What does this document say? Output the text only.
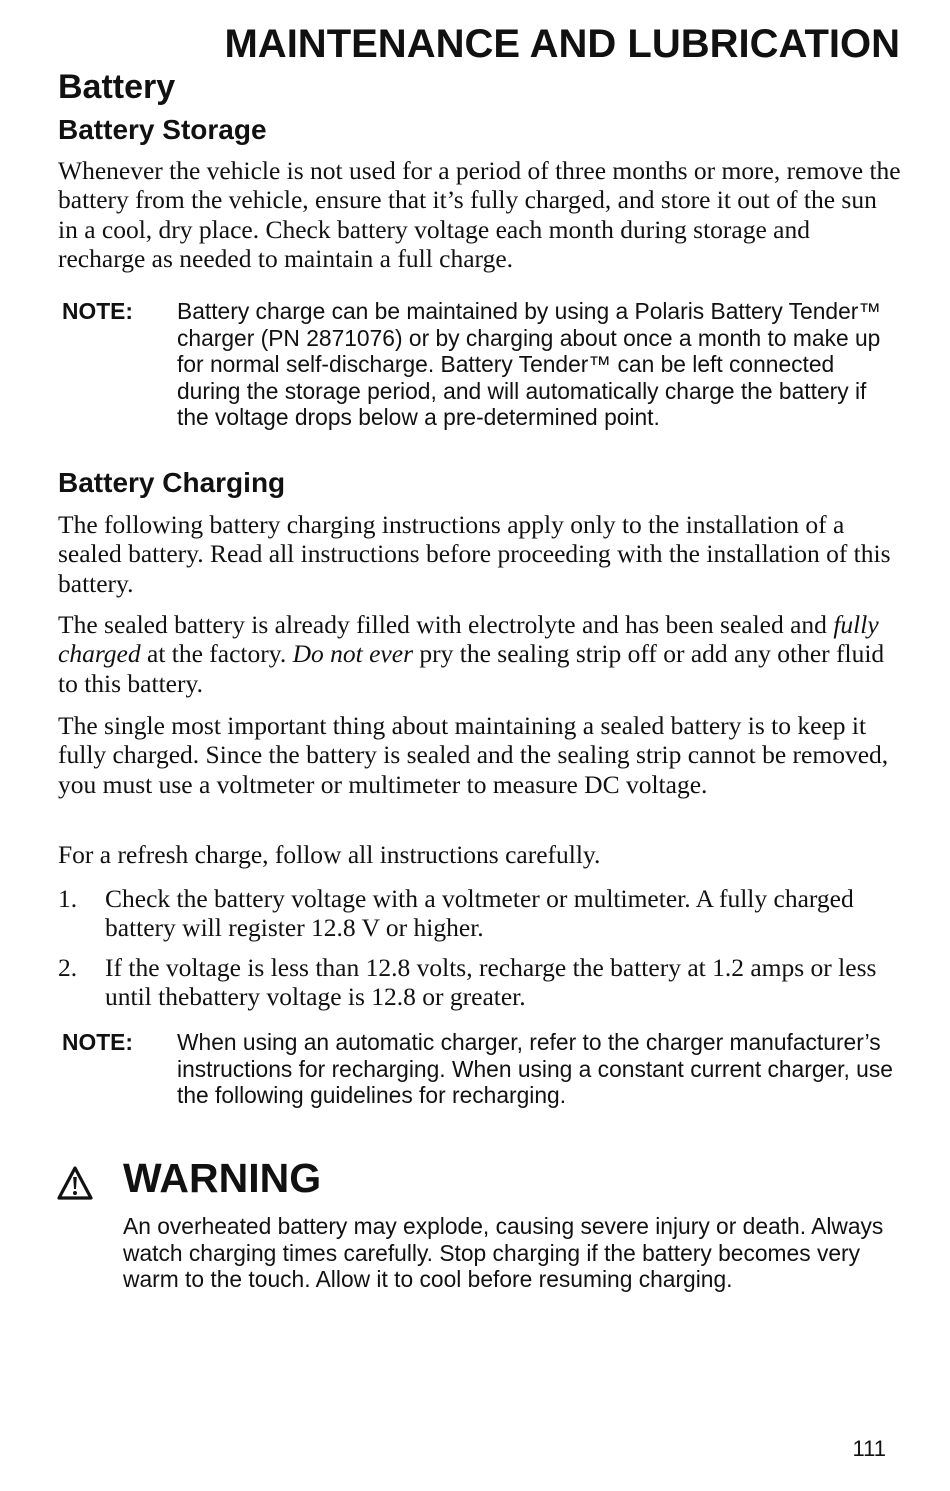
MAINTENANCE AND LUBRICATION
Battery
Battery Storage

Whenever the vehicle is not used for a period of three months or more, remove the battery from the vehicle, ensure that it’s fully charged, and store it out of the sun in a cool, dry place. Check battery voltage each month during storage and recharge as needed to maintain a full charge.

NOTE: Battery charge can be maintained by using a Polaris Battery Tender™ charger (PN 2871076) or by charging about once a month to make up for normal self-discharge. Battery Tender™ can be left connected during the storage period, and will automatically charge the battery if the voltage drops below a pre-determined point.

Battery Charging

The following battery charging instructions apply only to the installation of a sealed battery. Read all instructions before proceeding with the installation of this battery.

The sealed battery is already filled with electrolyte and has been sealed and fully charged at the factory. Do not ever pry the sealing strip off or add any other fluid to this battery.

The single most important thing about maintaining a sealed battery is to keep it fully charged. Since the battery is sealed and the sealing strip cannot be removed, you must use a voltmeter or multimeter to measure DC voltage.

For a refresh charge, follow all instructions carefully.

1. Check the battery voltage with a voltmeter or multimeter. A fully charged battery will register 12.8 V or higher.

2. If the voltage is less than 12.8 volts, recharge the battery at 1.2 amps or less until thebattery voltage is 12.8 or greater.

NOTE: When using an automatic charger, refer to the charger manufacturer’s instructions for recharging. When using a constant current charger, use the following guidelines for recharging.

WARNING

An overheated battery may explode, causing severe injury or death. Always watch charging times carefully. Stop charging if the battery becomes very warm to the touch. Allow it to cool before resuming charging.

111
